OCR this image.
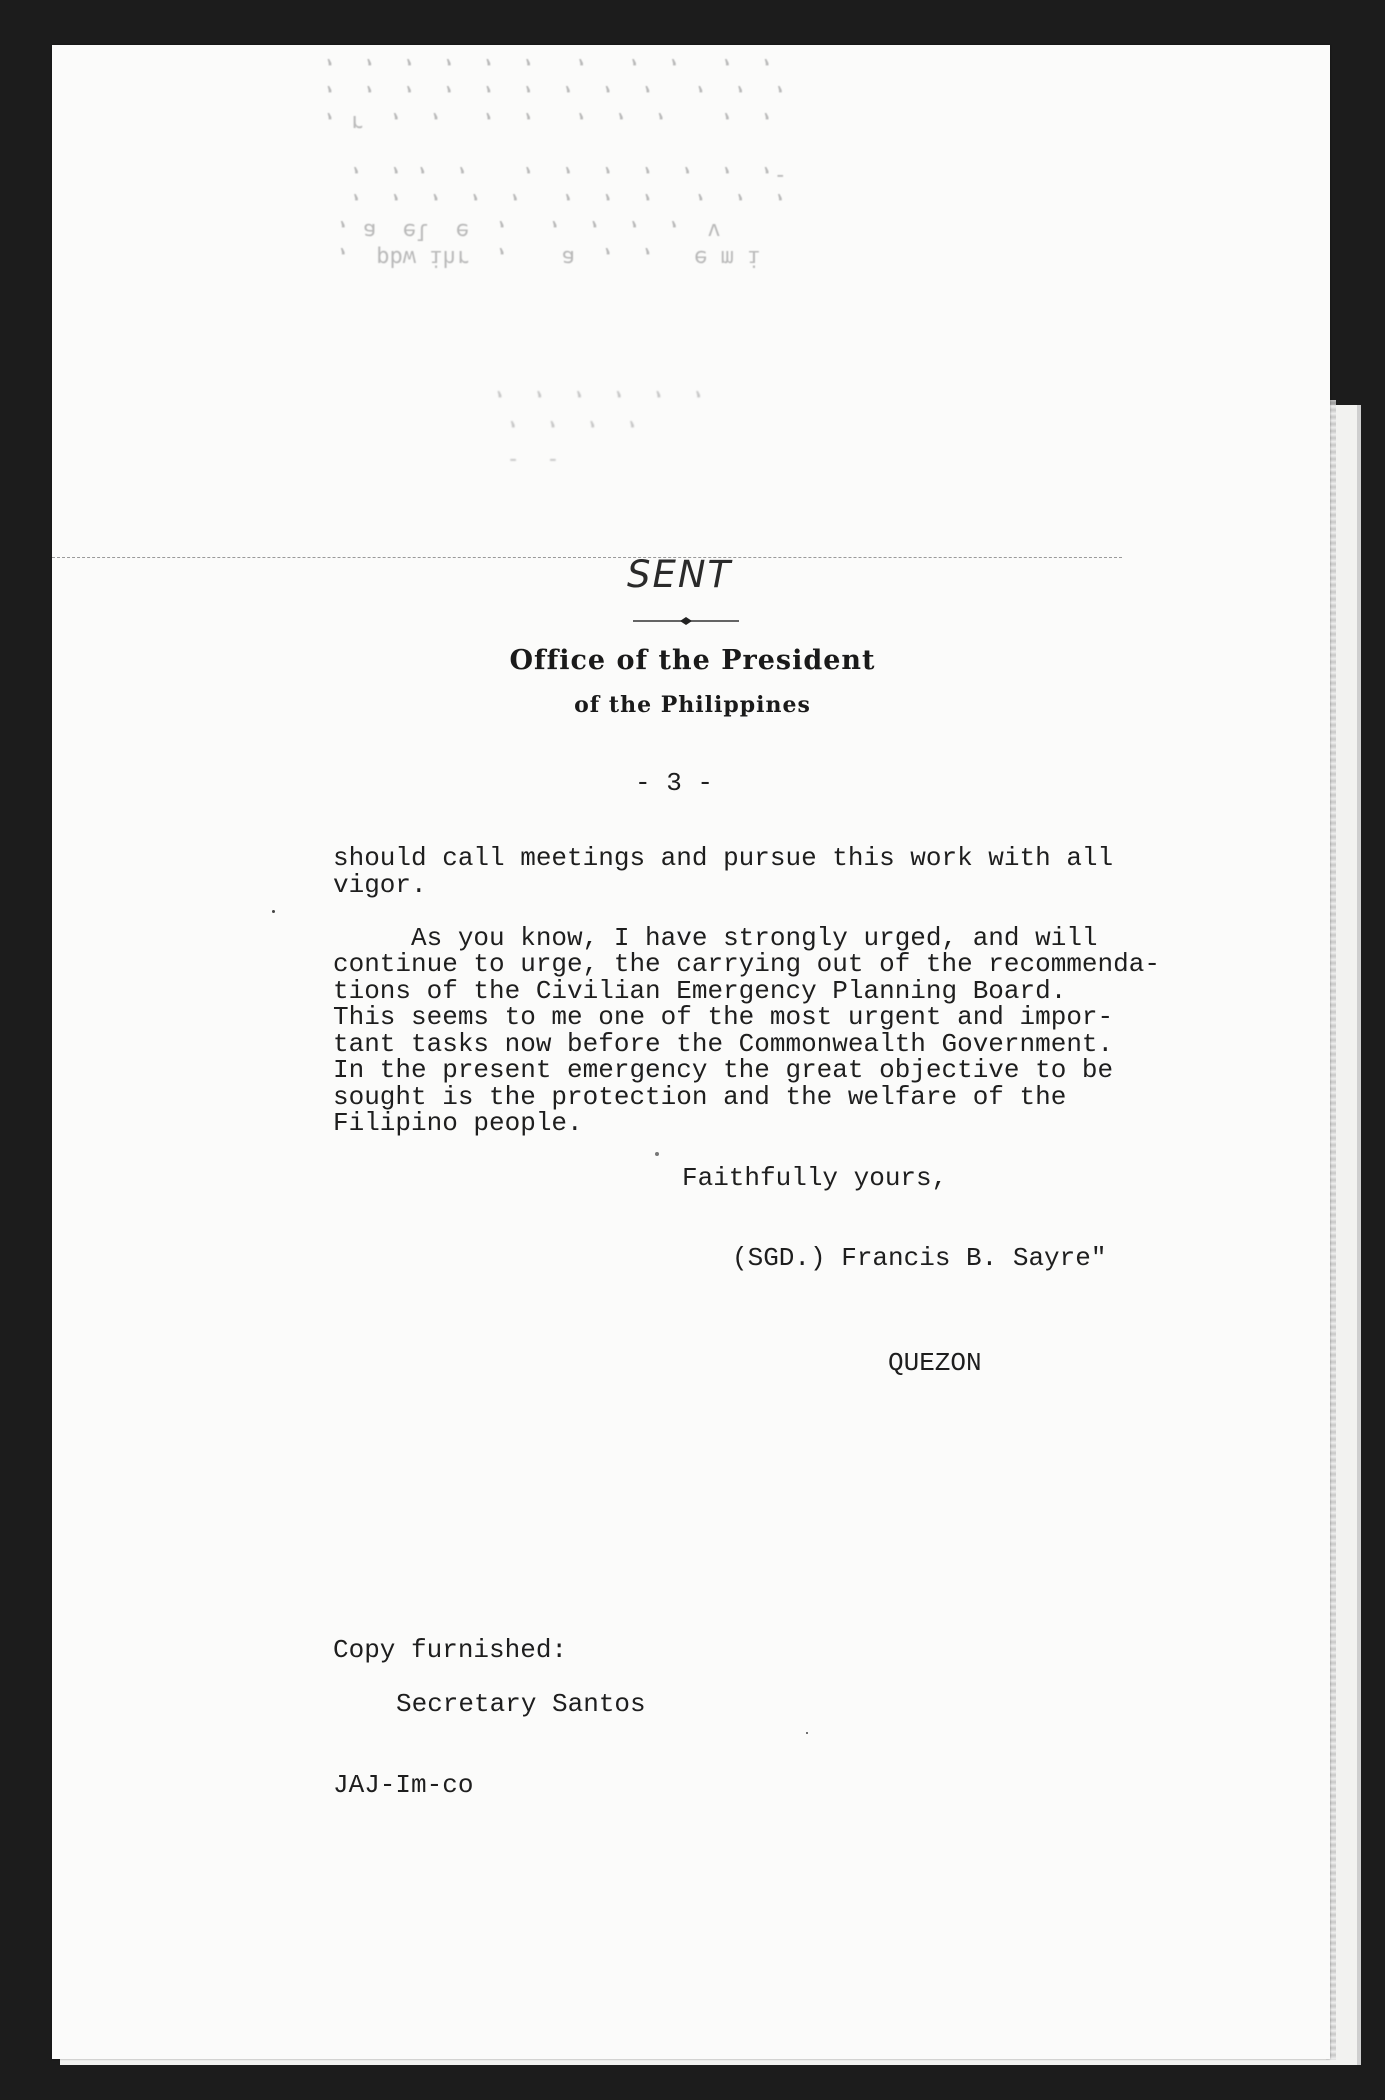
,  pbw ihr  ,    a  ,  ,   e m i
, a  el  e  ,   ,  ,  ,  ,  v
,  ,  ,  ,  ,   ,  ,  ,   ,  ,  ,
,  , ,  ,    ,  ,  ,  ,  ,  ,  ,-

, r  ,  ,   ,  ,   ,  ,  ,    ,  ,
,  ,  ,  ,  ,  ,  ,  ,  ,   ,  ,  ,
,  ,  ,  ,  ,  ,   ,   ,  ,   ,  ,
-  -
,  ,  ,  ,
,  ,  ,  ,  ,  ,
SENT
Office of the President
of the Philippines
- 3 -
should call meetings and pursue this work with all
vigor.

As you know, I have strongly urged, and will
continue to urge, the carrying out of the recommenda-
tions of the Civilian Emergency Planning Board.
This seems to me one of the most urgent and impor-
tant tasks now before the Commonwealth Government.
In the present emergency the great objective to be
sought is the protection and the welfare of the
Filipino people.
Faithfully yours,
(SGD.) Francis B. Sayre"
QUEZON
Copy furnished:
Secretary Santos
JAJ-Im-co
